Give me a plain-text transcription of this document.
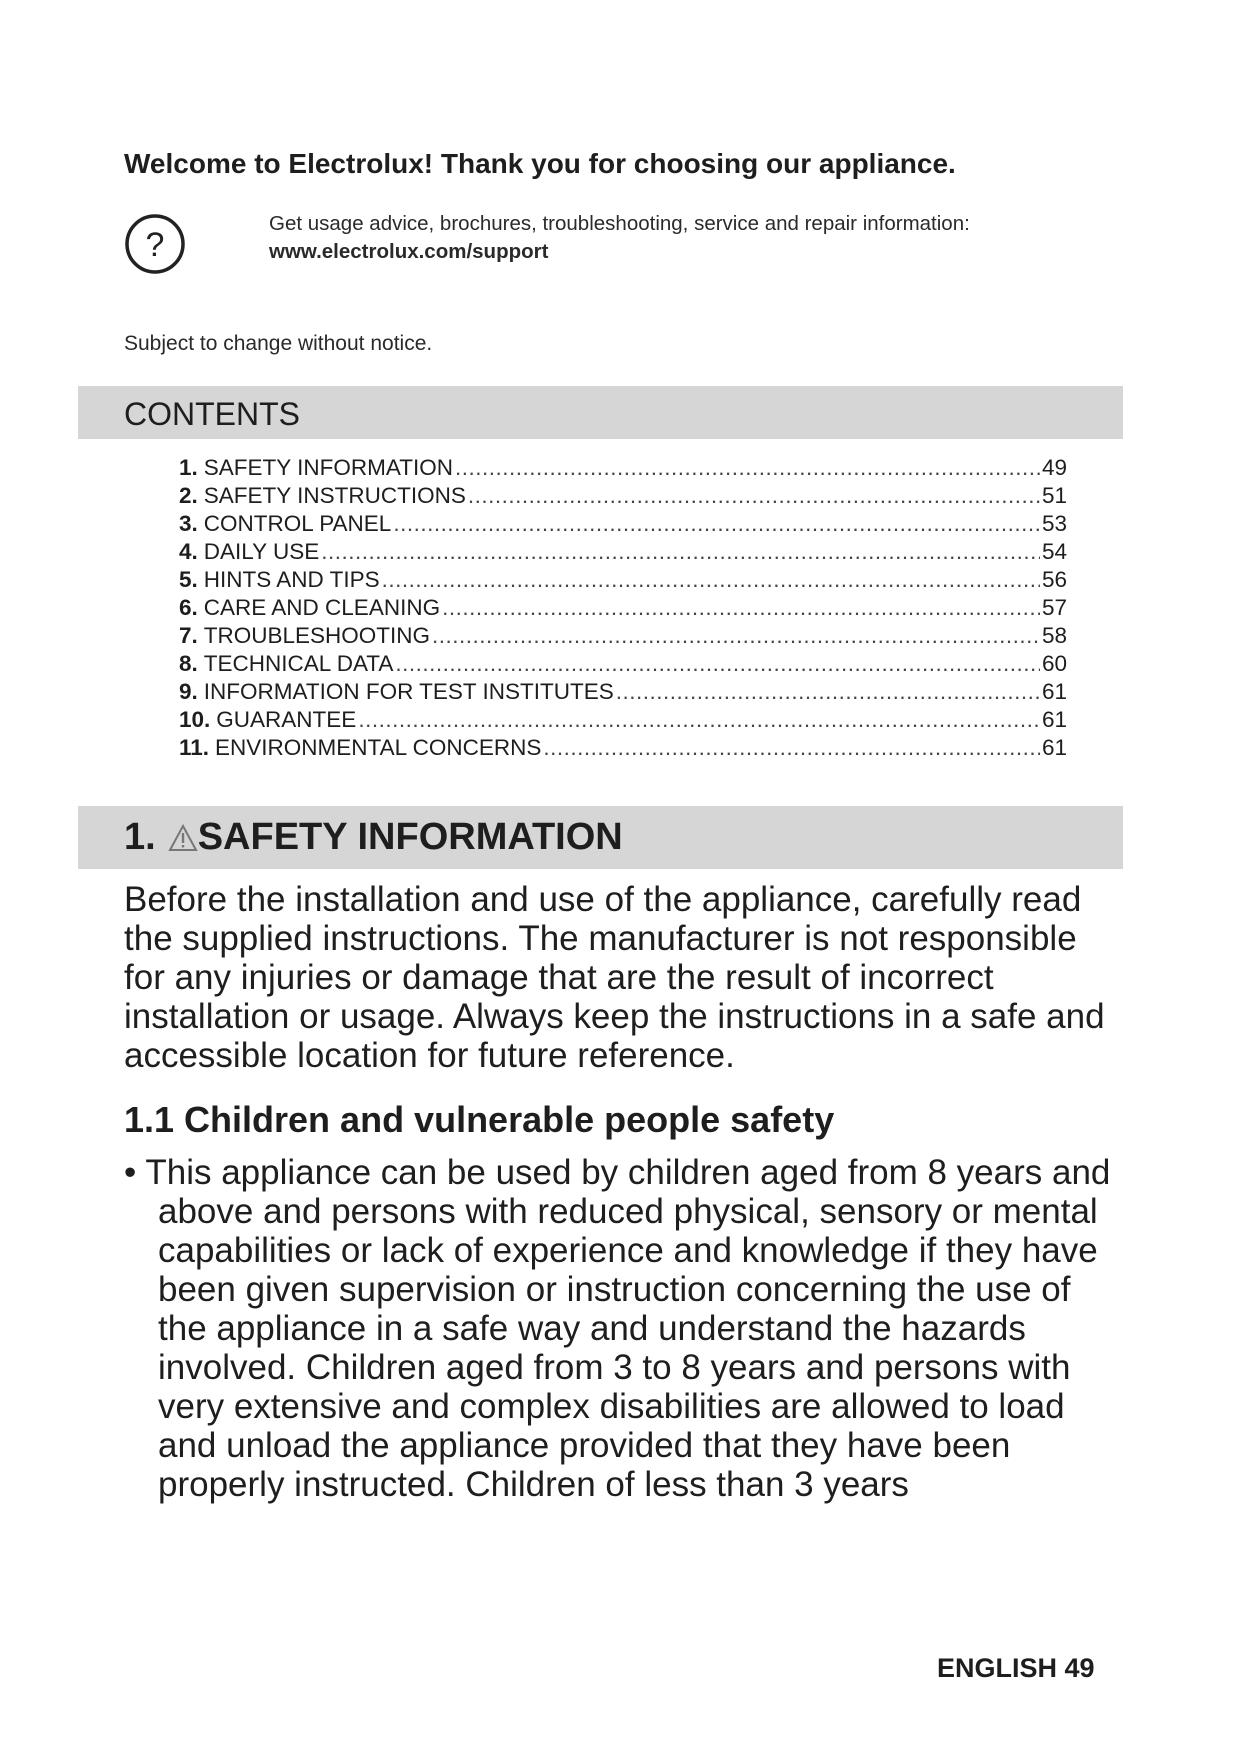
Welcome to Electrolux! Thank you for choosing our appliance.
?
Get usage advice, brochures, troubleshooting, service and repair information:
www.electrolux.com/support
Subject to change without notice.
CONTENTS
1. SAFETY INFORMATION .....	49
2. SAFETY INSTRUCTIONS .....	51
3. CONTROL PANEL .....	53
4. DAILY USE .....	54
5. HINTS AND TIPS .....	56
6. CARE AND CLEANING .....	57
7. TROUBLESHOOTING .....	58
8. TECHNICAL DATA .....	60
9. INFORMATION FOR TEST INSTITUTES .....	61
10. GUARANTEE .....	61
11. ENVIRONMENTAL CONCERNS .....	61
1. SAFETY INFORMATION

Before the installation and use of the appliance, carefully read the supplied instructions. The manufacturer is not responsible for any injuries or damage that are the result of incorrect installation or usage. Always keep the instructions in a safe and accessible location for future reference.

1.1 Children and vulnerable people safety

• This appliance can be used by children aged from 8 years and above and persons with reduced physical, sensory or mental capabilities or lack of experience and knowledge if they have been given supervision or instruction concerning the use of the appliance in a safe way and understand the hazards involved. Children aged from 3 to 8 years and persons with very extensive and complex disabilities are allowed to load and unload the appliance provided that they have been properly instructed. Children of less than 3 years

ENGLISH 49
